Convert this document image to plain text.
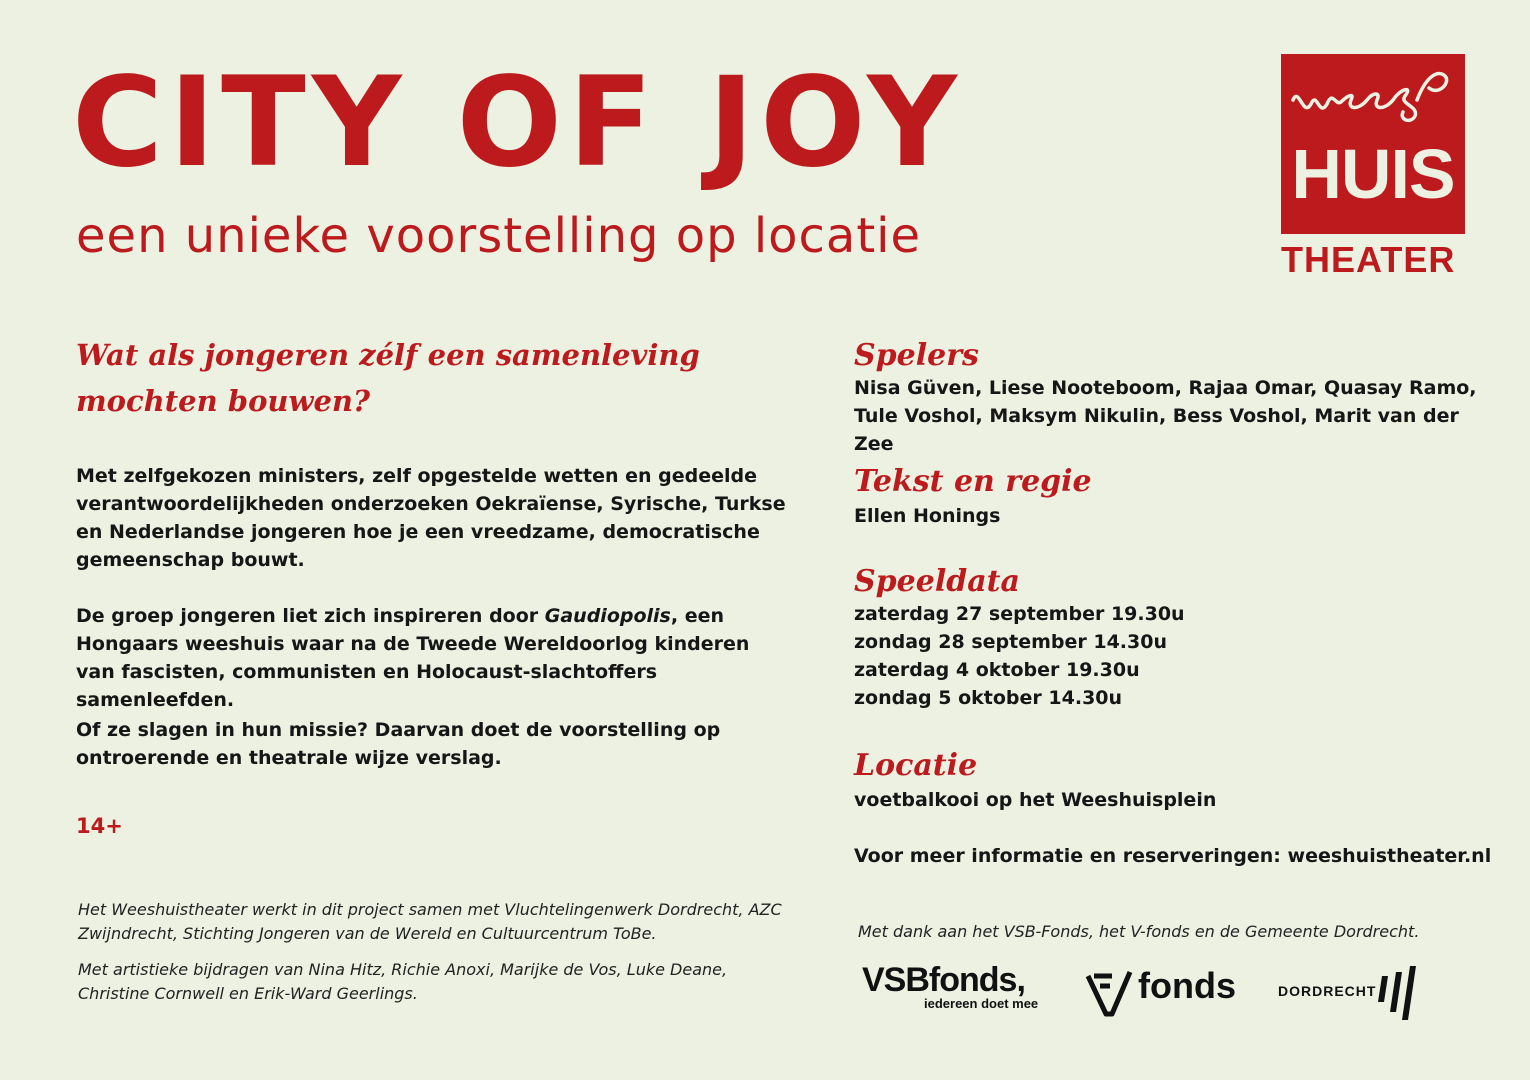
CITY OF JOY
een unieke voorstelling op locatie
HUIS
THEATER
Wat als jongeren zélf een samenleving mochten bouwen?

Met zelfgekozen ministers, zelf opgestelde wetten en gedeelde verantwoordelijkheden onderzoeken Oekraïense, Syrische, Turkse en Nederlandse jongeren hoe je een vreedzame, democratische gemeenschap bouwt.

De groep jongeren liet zich inspireren door Gaudiopolis, een Hongaars weeshuis waar na de Tweede Wereldoorlog kinderen van fascisten, communisten en Holocaust-slachtoffers samenleefden.

Of ze slagen in hun missie? Daarvan doet de voorstelling op ontroerende en theatrale wijze verslag.

14+

Het Weeshuistheater werkt in dit project samen met Vluchtelingenwerk Dordrecht, AZC Zwijndrecht, Stichting Jongeren van de Wereld en Cultuurcentrum ToBe.

Met artistieke bijdragen van Nina Hitz, Richie Anoxi, Marijke de Vos, Luke Deane, Christine Cornwell en Erik-Ward Geerlings.

Spelers

Nisa Güven, Liese Nooteboom, Rajaa Omar, Quasay Ramo, Tule Voshol, Maksym Nikulin, Bess Voshol, Marit van der Zee

Tekst en regie

Ellen Honings

Speeldata
zaterdag 27 september 19.30u
zondag 28 september 14.30u
zaterdag 4 oktober 19.30u
zondag 5 oktober 14.30u
Locatie

voetbalkooi op het Weeshuisplein

Voor meer informatie en reserveringen: weeshuistheater.nl

Met dank aan het VSB-Fonds, het V-fonds en de Gemeente Dordrecht.
VSBfonds,
iedereen doet mee	fonds	DORDRECHT
